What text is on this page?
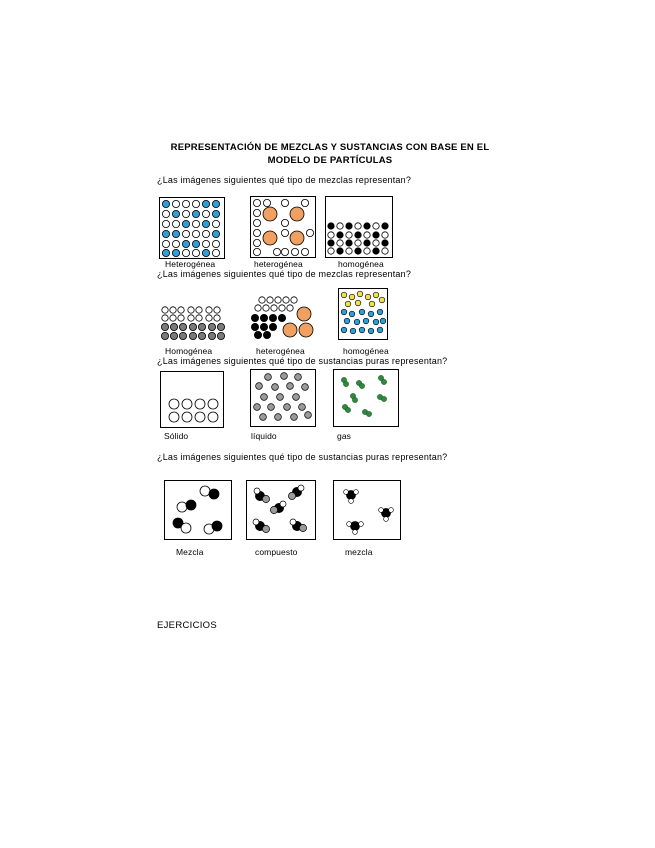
REPRESENTACIÓN DE MEZCLAS Y SUSTANCIAS CON BASE EN EL
MODELO DE PARTÍCULAS
¿Las imágenes siguientes qué tipo de mezclas representan?
Heterogénea	heterogénea	homogénea
¿Las imágenes siguientes qué tipo de mezclas representan?
Homogénea	heterogénea	homogénea
¿Las imágenes siguientes qué tipo de sustancias puras representan?
Sólido	líquido	gas
¿Las imágenes siguientes qué tipo de sustancias puras representan?
Mezcla	compuesto	mezcla
EJERCICIOS
